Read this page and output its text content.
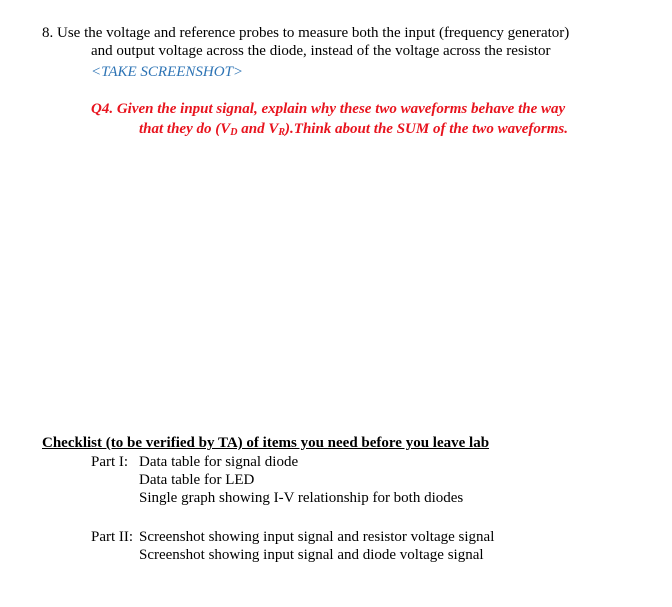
8. Use the voltage and reference probes to measure both the input (frequency generator)
and output voltage across the diode, instead of the voltage across the resistor
<TAKE SCREENSHOT>
Q4. Given the input signal, explain why these two waveforms behave the way
that they do ($V_D$ and $V_R).Think$ about the SUM of the two waveforms.
Checklist (to be verified by TA) of items you need before you leave lab
Part I: Data table for signal diode
Data table for LED
Single graph showing I-V relationship for both diodes
Part II: Screenshot showing input signal and resistor voltage signal
Screenshot showing input signal and diode voltage signal
